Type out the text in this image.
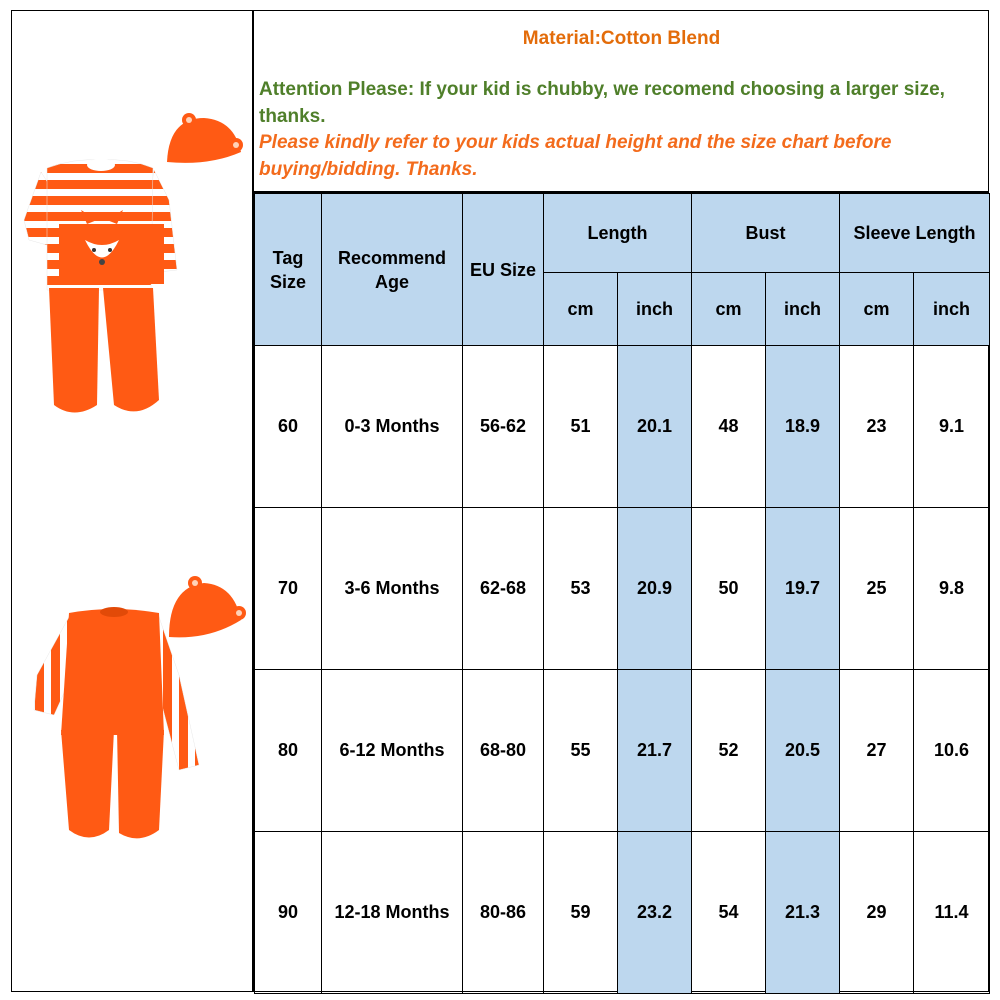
Material:Cotton Blend
Attention Please: If your kid is chubby, we recomend choosing a larger size, thanks.
Please kindly refer to your kids actual height and the size chart before buying/bidding. Thanks.
Tag Size	Recommend Age	EU Size	Length		Bust		Sleeve Length	
			cm	inch	cm	inch	cm	inch
60	0-3 Months	56-62	51	20.1	48	18.9	23	9.1
70	3-6 Months	62-68	53	20.9	50	19.7	25	9.8
80	6-12 Months	68-80	55	21.7	52	20.5	27	10.6
90	12-18 Months	80-86	59	23.2	54	21.3	29	11.4
